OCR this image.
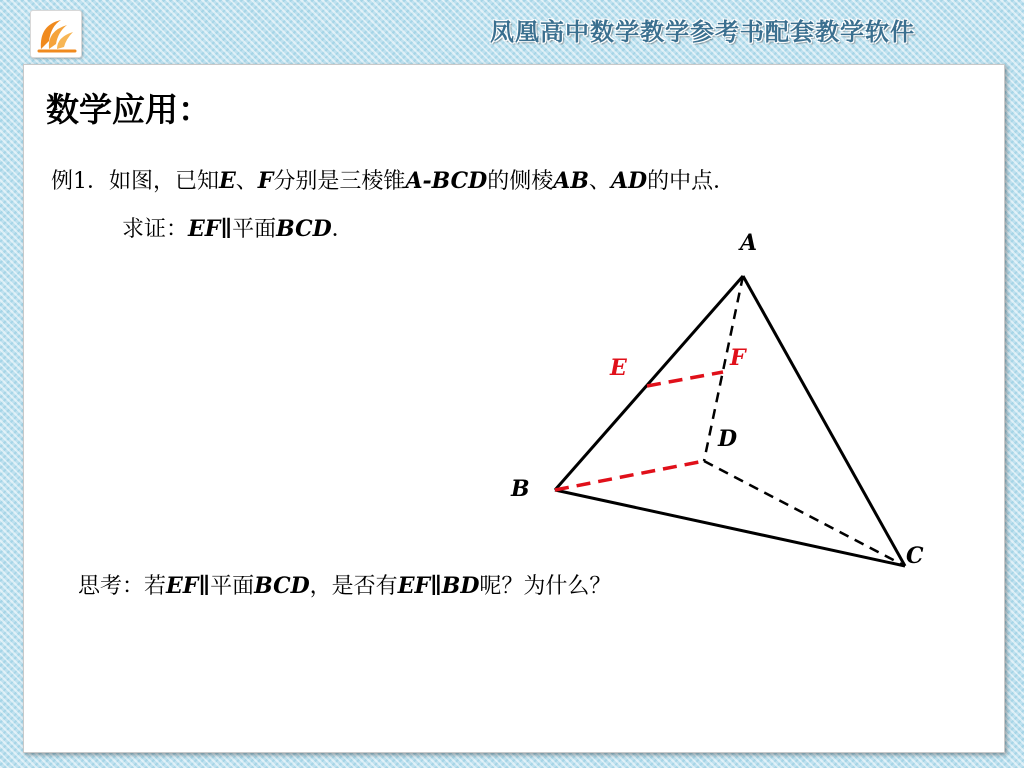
凤凰高中数学教学参考书配套教学软件
数学应用：
例1．如图，已知E、F分别是三棱锥A-BCD的侧棱AB、AD的中点．
求证：EF∥平面BCD．
思考：若EF∥平面BCD，是否有EF∥BD呢？为什么？
A
B
C
D
E	F
